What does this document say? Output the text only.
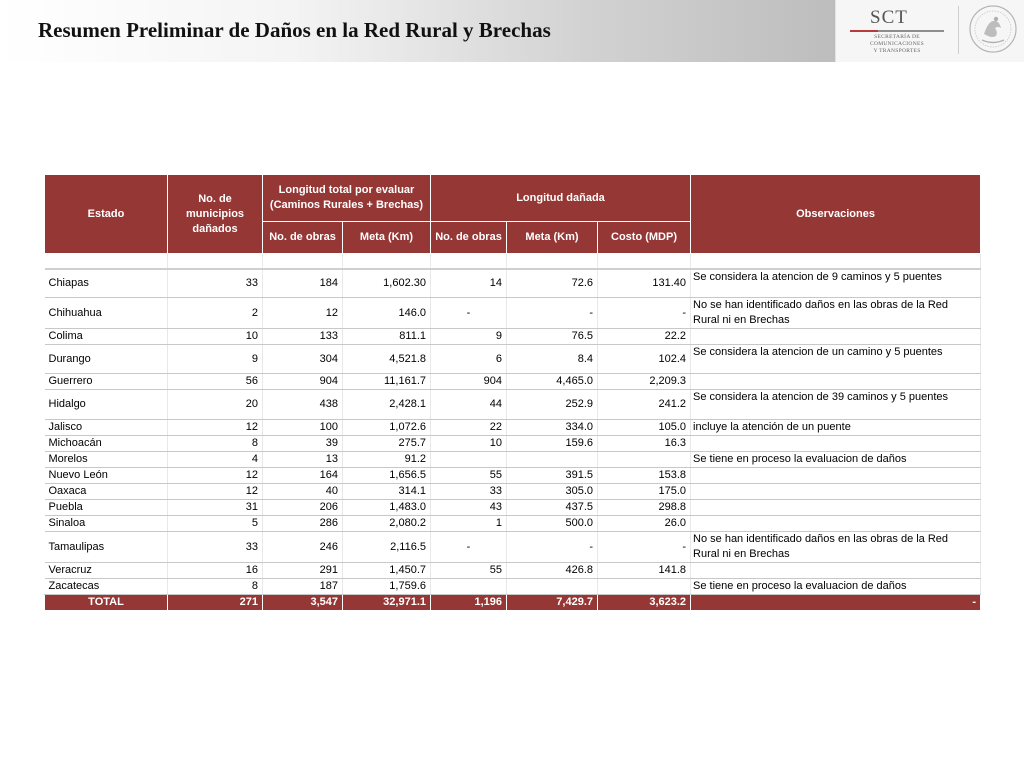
Resumen Preliminar de Daños en la Red Rural y Brechas
SCT
SECRETARÍA DE
COMUNICACIONES
Y TRANSPORTES
Estado	No. de municipios dañados	Longitud total por evaluar (Caminos Rurales + Brechas)		Longitud dañada			Observaciones
		No. de obras	Meta (Km)	No. de obras	Meta (Km)	Costo (MDP)	

Chiapas	33	184	1,602.30	14	72.6	131.40	Se considera la atencion de 9 caminos y 5 puentes
Chihuahua	2	12	146.0	-	-	-	No se han identificado daños en las obras de la Red Rural ni en Brechas
Colima	10	133	811.1	9	76.5	22.2	
Durango	9	304	4,521.8	6	8.4	102.4	Se considera la atencion de un camino y 5 puentes
Guerrero	56	904	11,161.7	904	4,465.0	2,209.3	
Hidalgo	20	438	2,428.1	44	252.9	241.2	Se considera la atencion de 39 caminos y 5 puentes
Jalisco	12	100	1,072.6	22	334.0	105.0	incluye la atención de un puente
Michoacán	8	39	275.7	10	159.6	16.3	
Morelos	4	13	91.2				Se tiene en proceso la evaluacion de daños
Nuevo León	12	164	1,656.5	55	391.5	153.8	
Oaxaca	12	40	314.1	33	305.0	175.0	
Puebla	31	206	1,483.0	43	437.5	298.8	
Sinaloa	5	286	2,080.2	1	500.0	26.0	
Tamaulipas	33	246	2,116.5	-	-	-	No se han identificado daños en las obras de la Red Rural ni en Brechas
Veracruz	16	291	1,450.7	55	426.8	141.8	
Zacatecas	8	187	1,759.6				Se tiene en proceso la evaluacion de daños
TOTAL	271	3,547	32,971.1	1,196	7,429.7	3,623.2	-
